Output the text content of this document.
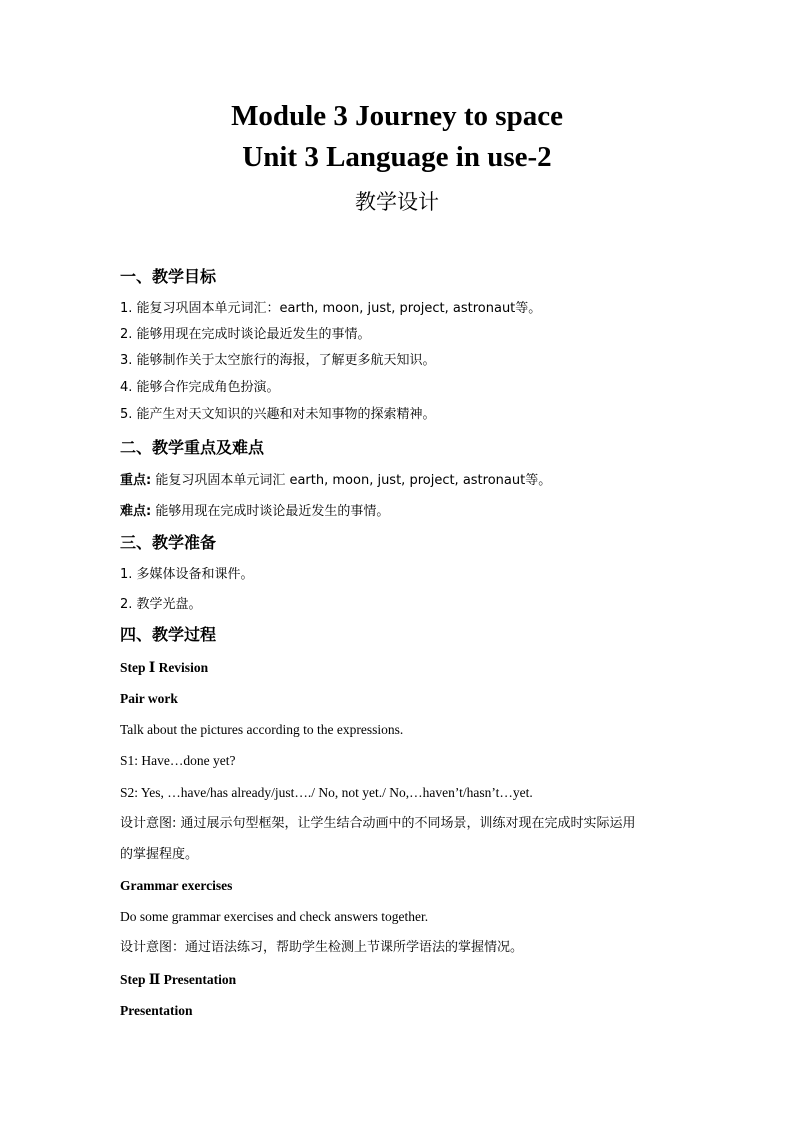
Module 3 Journey to space
Unit 3 Language in use-2
教学设计
一、教学目标
1. 能复习巩固本单元词汇：earth, moon, just, project, astronaut等。
2. 能够用现在完成时谈论最近发生的事情。
3. 能够制作关于太空旅行的海报，了解更多航天知识。
4. 能够合作完成角色扮演。
5. 能产生对天文知识的兴趣和对未知事物的探索精神。
二、教学重点及难点
重点: 能复习巩固本单元词汇 earth, moon, just, project, astronaut等。
难点: 能够用现在完成时谈论最近发生的事情。
三、教学准备
1. 多媒体设备和课件。
2. 教学光盘。
四、教学过程
Step Ⅰ Revision
Pair work
Talk about the pictures according to the expressions.
S1: Have…done yet?
S2: Yes, …have/has already/just…./ No, not yet./ No,…haven’t/hasn’t…yet.
设计意图: 通过展示句型框架，让学生结合动画中的不同场景，训练对现在完成时实际运用
的掌握程度。
Grammar exercises
Do some grammar exercises and check answers together.
设计意图：通过语法练习，帮助学生检测上节课所学语法的掌握情况。
Step Ⅱ Presentation
Presentation
